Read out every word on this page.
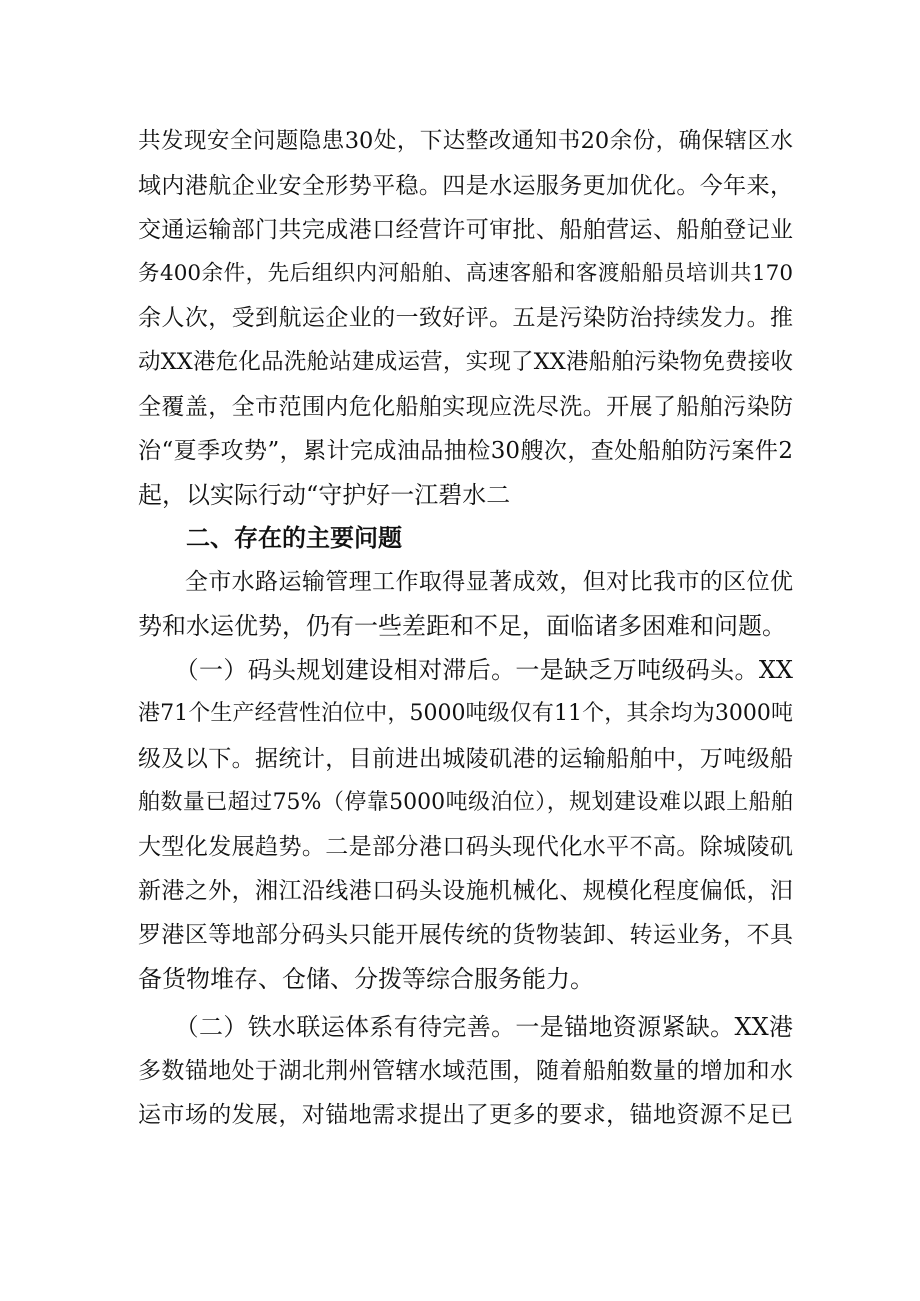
共发现安全问题隐患30处，下达整改通知书20余份，确保辖区水
域内港航企业安全形势平稳。四是水运服务更加优化。今年来，
交通运输部门共完成港口经营许可审批、船舶营运、船舶登记业
务400余件，先后组织内河船舶、高速客船和客渡船船员培训共170
余人次，受到航运企业的一致好评。五是污染防治持续发力。推
动XX港危化品洗舱站建成运营，实现了XX港船舶污染物免费接收
全覆盖，全市范围内危化船舶实现应洗尽洗。开展了船舶污染防
治“夏季攻势”，累计完成油品抽检30艘次，查处船舶防污案件2
起，以实际行动“守护好一江碧水二
二、存在的主要问题
　　全市水路运输管理工作取得显著成效，但对比我市的区位优
势和水运优势，仍有一些差距和不足，面临诸多困难和问题。
　　（一）码头规划建设相对滞后。一是缺乏万吨级码头。XX
港71个生产经营性泊位中，5000吨级仅有11个，其余均为3000吨
级及以下。据统计，目前进出城陵矶港的运输船舶中，万吨级船
舶数量已超过75%（停靠5000吨级泊位），规划建设难以跟上船舶
大型化发展趋势。二是部分港口码头现代化水平不高。除城陵矶
新港之外，湘江沿线港口码头设施机械化、规模化程度偏低，汨
罗港区等地部分码头只能开展传统的货物装卸、转运业务，不具
备货物堆存、仓储、分拨等综合服务能力。
　　（二）铁水联运体系有待完善。一是锚地资源紧缺。XX港
多数锚地处于湖北荆州管辖水域范围，随着船舶数量的增加和水
运市场的发展，对锚地需求提出了更多的要求，锚地资源不足已
